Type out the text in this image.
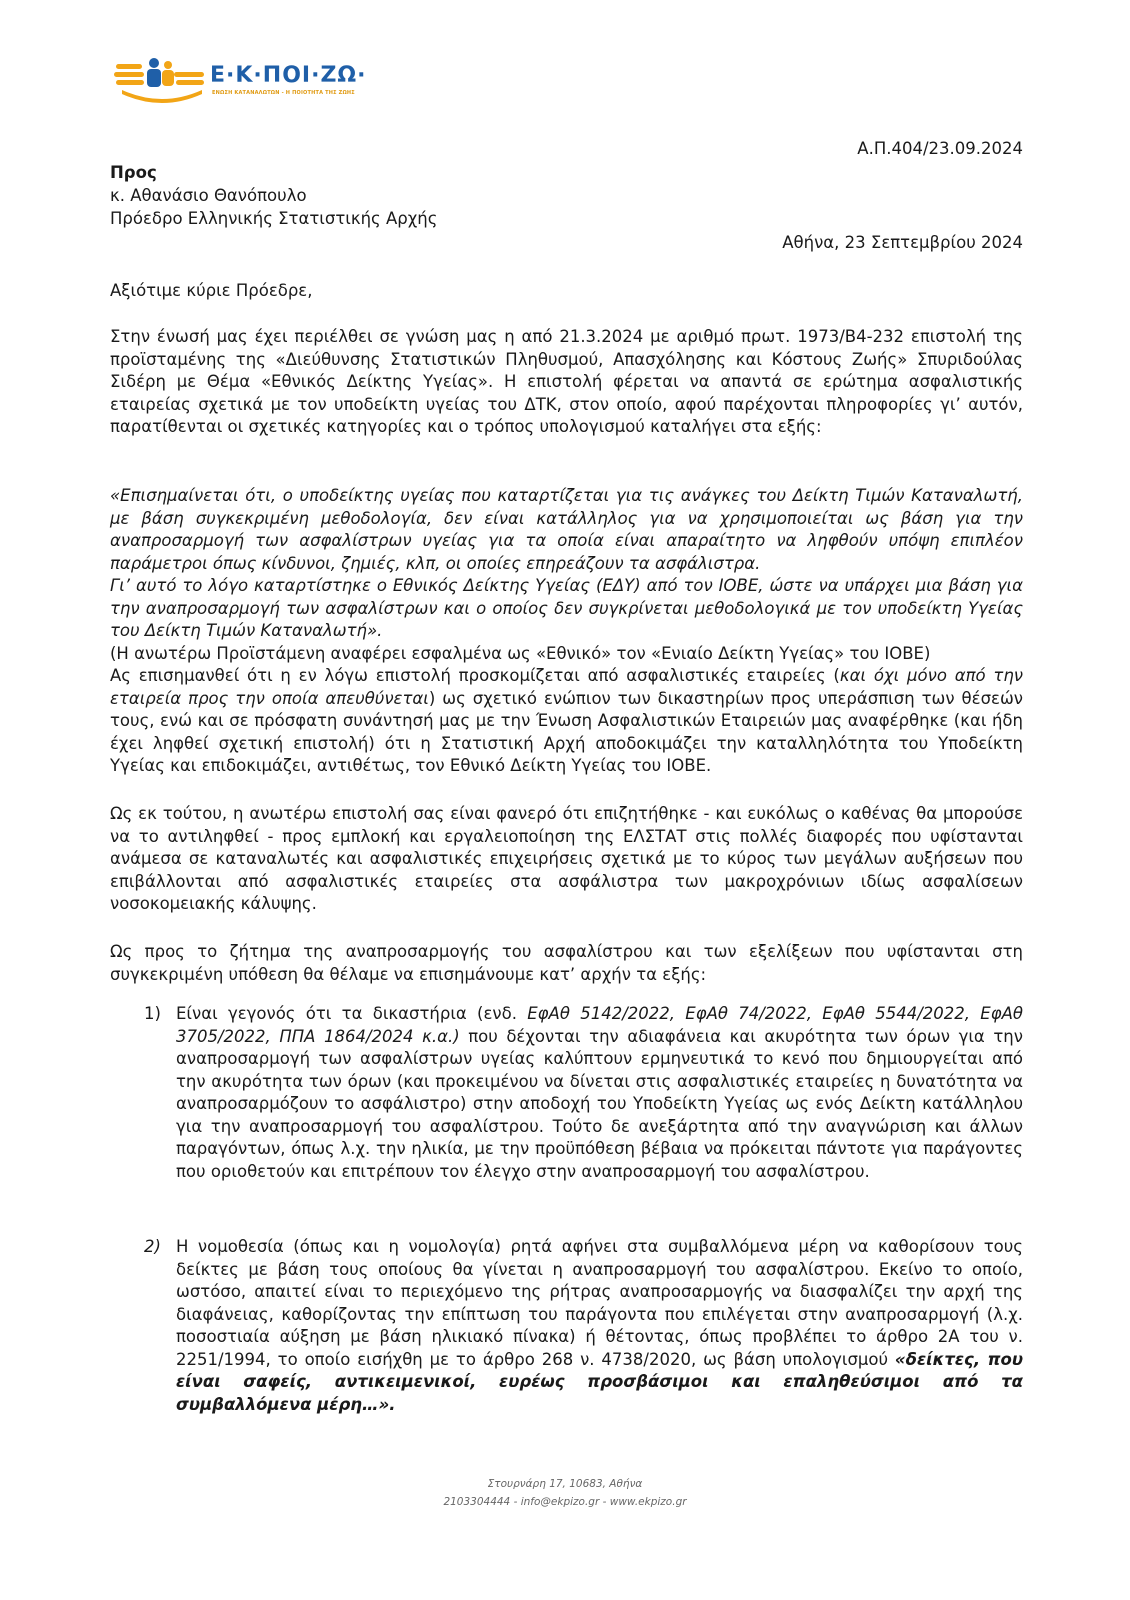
Ε·Κ·ΠΟΙ·ΖΩ·
ΕΝΩΣΗ ΚΑΤΑΝΑΛΩΤΩΝ - Η ΠΟΙΟΤΗΤΑ ΤΗΣ ΖΩΗΣ
Α.Π.404/23.09.2024
Προς
κ. Αθανάσιο Θανόπουλο
Πρόεδρο Ελληνικής Στατιστικής Αρχής
Αθήνα, 23 Σεπτεμβρίου 2024
Αξιότιμε κύριε Πρόεδρε,

Στην ένωσή μας έχει περιέλθει σε γνώση μας η από 21.3.2024 με αριθμό πρωτ. 1973/Β4-232 επιστολή της προϊσταμένης της «Διεύθυνσης Στατιστικών Πληθυσμού, Απασχόλησης και Κόστους Ζωής» Σπυριδούλας Σιδέρη με Θέμα «Εθνικός Δείκτης Υγείας». Η επιστολή φέρεται να απαντά σε ερώτημα ασφαλιστικής εταιρείας σχετικά με τον υποδείκτη υγείας του ΔΤΚ, στον οποίο, αφού παρέχονται πληροφορίες γι’ αυτόν, παρατίθενται οι σχετικές κατηγορίες και ο τρόπος υπολογισμού καταλήγει στα εξής:

«Επισημαίνεται ότι, ο υποδείκτης υγείας που καταρτίζεται για τις ανάγκες του Δείκτη Τιμών Καταναλωτή, με βάση συγκεκριμένη μεθοδολογία, δεν είναι κατάλληλος για να χρησιμοποιείται ως βάση για την αναπροσαρμογή των ασφαλίστρων υγείας για τα οποία είναι απαραίτητο να ληφθούν υπόψη επιπλέον παράμετροι όπως κίνδυνοι, ζημιές, κλπ, οι οποίες επηρεάζουν τα ασφάλιστρα.

Γι’ αυτό το λόγο καταρτίστηκε ο Εθνικός Δείκτης Υγείας (ΕΔΥ) από τον ΙΟΒΕ, ώστε να υπάρχει μια βάση για την αναπροσαρμογή των ασφαλίστρων και ο οποίος δεν συγκρίνεται μεθοδολογικά με τον υποδείκτη Υγείας του Δείκτη Τιμών Καταναλωτή».

(Η ανωτέρω Προϊστάμενη αναφέρει εσφαλμένα ως «Εθνικό» τον «Ενιαίο Δείκτη Υγείας» του ΙΟΒΕ)

Ας επισημανθεί ότι η εν λόγω επιστολή προσκομίζεται από ασφαλιστικές εταιρείες (και όχι μόνο από την εταιρεία προς την οποία απευθύνεται) ως σχετικό ενώπιον των δικαστηρίων προς υπεράσπιση των θέσεών τους, ενώ και σε πρόσφατη συνάντησή μας με την Ένωση Ασφαλιστικών Εταιρειών μας αναφέρθηκε (και ήδη έχει ληφθεί σχετική επιστολή) ότι η Στατιστική Αρχή αποδοκιμάζει την καταλληλότητα του Υποδείκτη Υγείας και επιδοκιμάζει, αντιθέτως, τον Εθνικό Δείκτη Υγείας του ΙΟΒΕ.

Ως εκ τούτου, η ανωτέρω επιστολή σας είναι φανερό ότι επιζητήθηκε - και ευκόλως ο καθένας θα μπορούσε να το αντιληφθεί - προς εμπλοκή και εργαλειοποίηση της ΕΛΣΤΑΤ στις πολλές διαφορές που υφίστανται ανάμεσα σε καταναλωτές και ασφαλιστικές επιχειρήσεις σχετικά με το κύρος των μεγάλων αυξήσεων που επιβάλλονται από ασφαλιστικές εταιρείες στα ασφάλιστρα των μακροχρόνιων ιδίως ασφαλίσεων νοσοκομειακής κάλυψης.

Ως προς το ζήτημα της αναπροσαρμογής του ασφαλίστρου και των εξελίξεων που υφίστανται στη συγκεκριμένη υπόθεση θα θέλαμε να επισημάνουμε κατ’ αρχήν τα εξής:

1) Είναι γεγονός ότι τα δικαστήρια (ενδ. ΕφΑθ 5142/2022, ΕφΑθ 74/2022, ΕφΑθ 5544/2022, ΕφΑθ 3705/2022, ΠΠΑ 1864/2024 κ.α.) που δέχονται την αδιαφάνεια και ακυρότητα των όρων για την αναπροσαρμογή των ασφαλίστρων υγείας καλύπτουν ερμηνευτικά το κενό που δημιουργείται από την ακυρότητα των όρων (και προκειμένου να δίνεται στις ασφαλιστικές εταιρείες η δυνατότητα να αναπροσαρμόζουν το ασφάλιστρο) στην αποδοχή του Υποδείκτη Υγείας ως ενός Δείκτη κατάλληλου για την αναπροσαρμογή του ασφαλίστρου. Τούτο δε ανεξάρτητα από την αναγνώριση και άλλων παραγόντων, όπως λ.χ. την ηλικία, με την προϋπόθεση βέβαια να πρόκειται πάντοτε για παράγοντες που οριοθετούν και επιτρέπουν τον έλεγχο στην αναπροσαρμογή του ασφαλίστρου.
2) Η νομοθεσία (όπως και η νομολογία) ρητά αφήνει στα συμβαλλόμενα μέρη να καθορίσουν τους δείκτες με βάση τους οποίους θα γίνεται η αναπροσαρμογή του ασφαλίστρου. Εκείνο το οποίο, ωστόσο, απαιτεί είναι το περιεχόμενο της ρήτρας αναπροσαρμογής να διασφαλίζει την αρχή της διαφάνειας, καθορίζοντας την επίπτωση του παράγοντα που επιλέγεται στην αναπροσαρμογή (λ.χ. ποσοστιαία αύξηση με βάση ηλικιακό πίνακα) ή θέτοντας, όπως προβλέπει το άρθρο 2Α του ν. 2251/1994, το οποίο εισήχθη με το άρθρο 268 ν. 4738/2020, ως βάση υπολογισμού «δείκτες, που είναι σαφείς, αντικειμενικοί, ευρέως προσβάσιμοι και επαληθεύσιμοι από τα συμβαλλόμενα μέρη…».
Στουρνάρη 17, 10683, Αθήνα
2103304444 - info@ekpizo.gr - www.ekpizo.gr
